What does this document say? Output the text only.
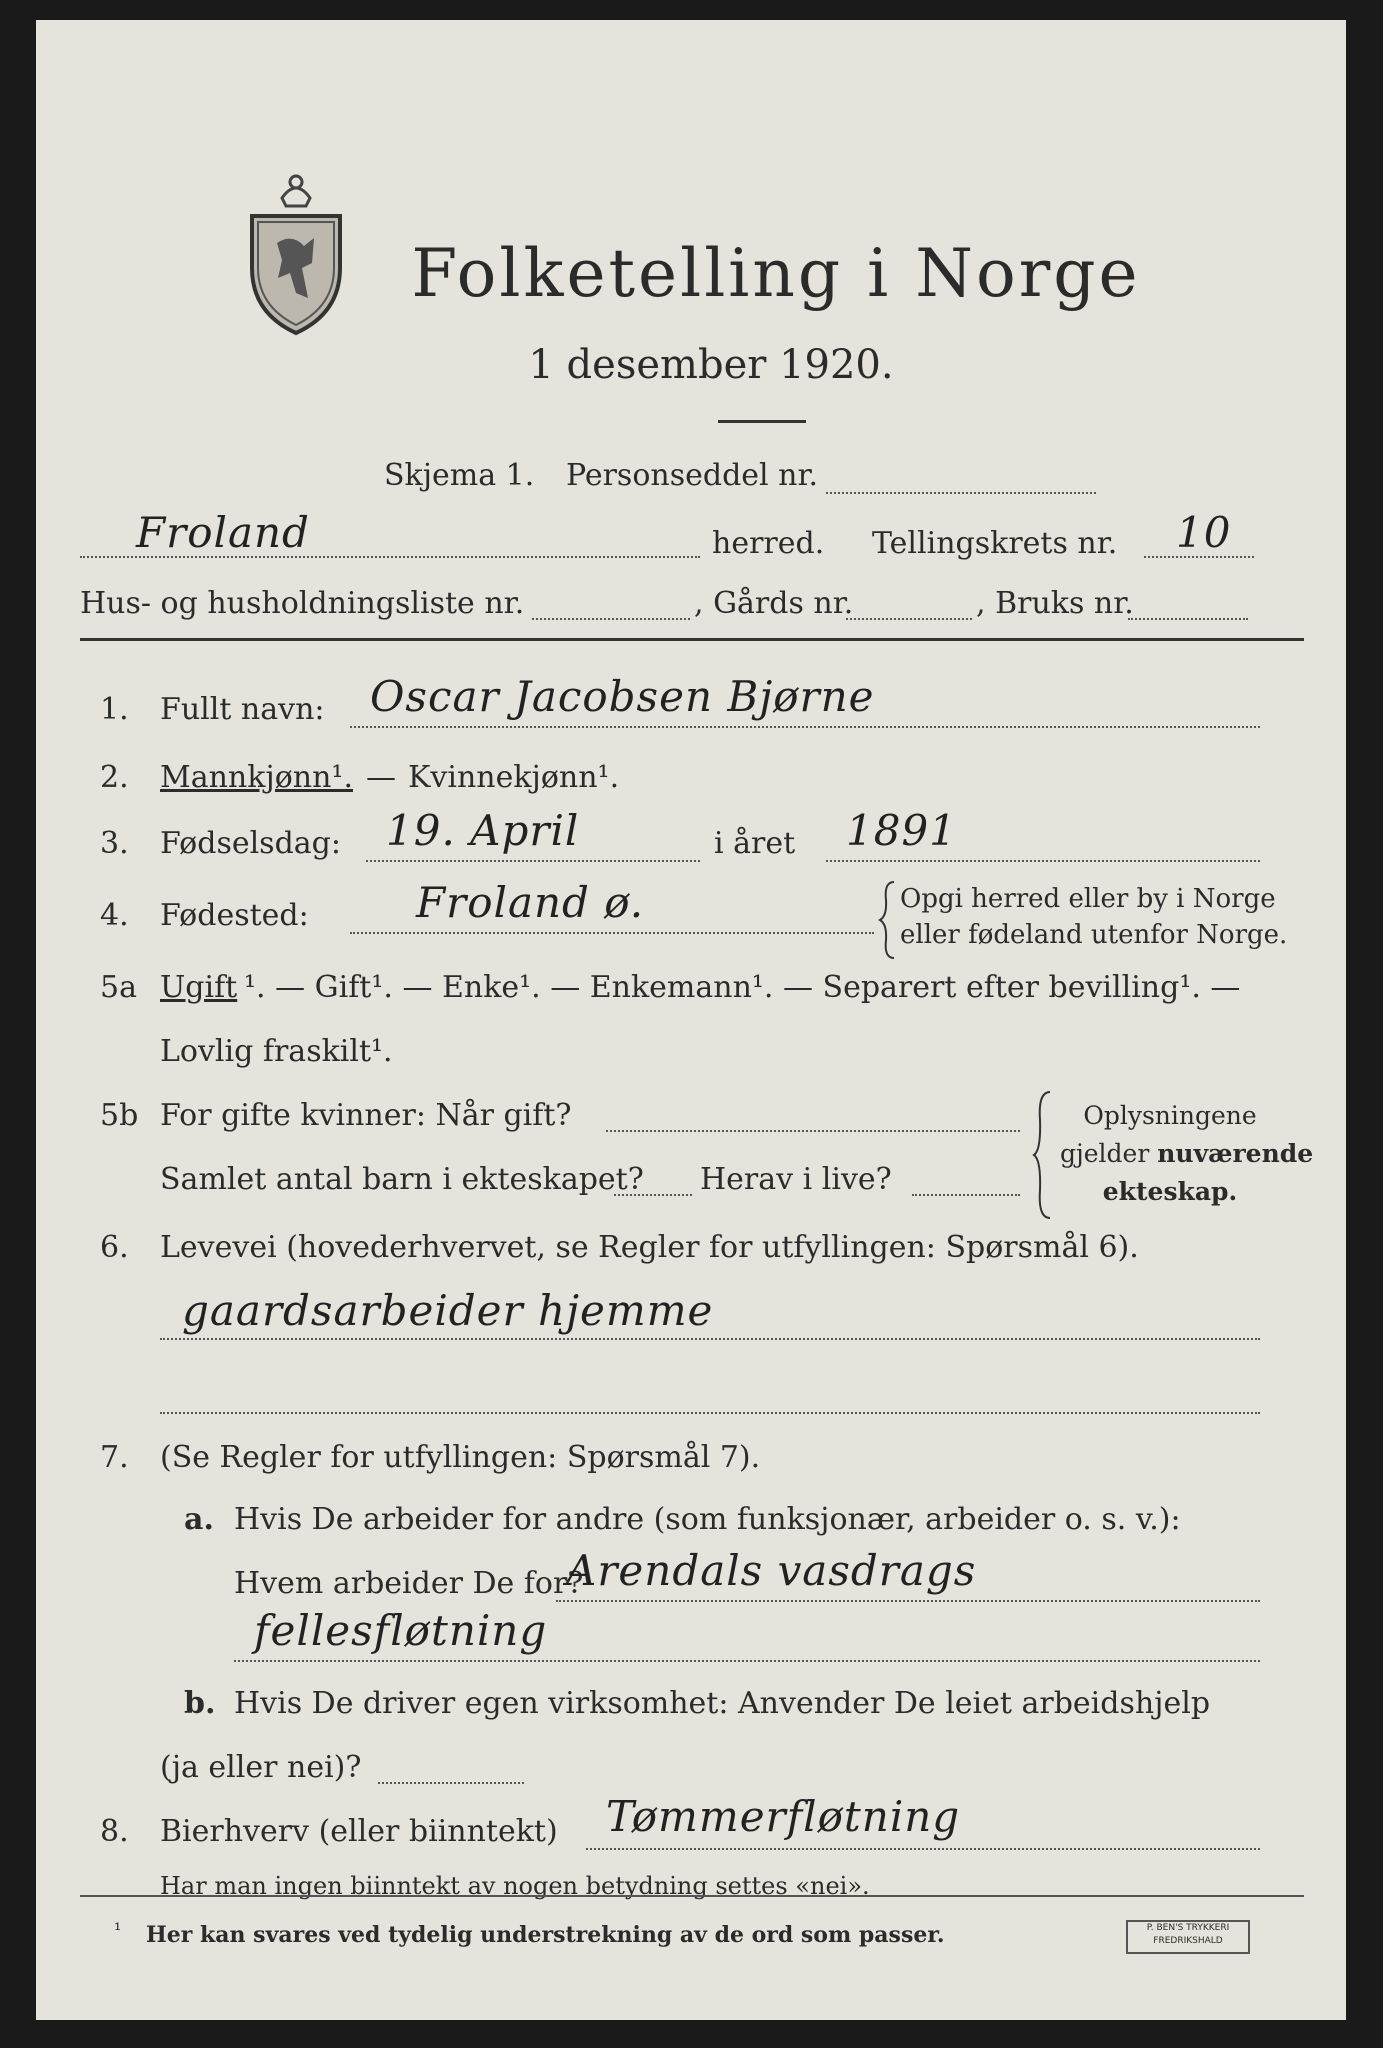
Folketelling i Norge
1 desember 1920.
Skjema 1. Personseddel nr.
Froland	herred. Tellingskrets nr. 10
Hus- og husholdningsliste nr.	, Gårds nr.	, Bruks nr.
1. Fullt navn: Oscar Jacobsen Bjørne
2. Mannkjønn¹. — Kvinnekjønn¹.
3. Fødselsdag: 19. April	i året 1891
4. Fødested:	Froland ø.	Opgi herred eller by i Norge
eller fødeland utenfor Norge.
5a Ugift ¹. — Gift¹. — Enke¹. — Enkemann¹. — Separert efter bevilling¹. —
Lovlig fraskilt¹.
5b For gifte kvinner: Når gift?
Samlet antal barn i ekteskapet? Herav i live?
Oplysningene
gjelder nuværende
ekteskap.
6. Levevei (hovederhvervet, se Regler for utfyllingen: Spørsmål 6).
gaardsarbeider hjemme
7. (Se Regler for utfyllingen: Spørsmål 7).
a. Hvis De arbeider for andre (som funksjonær, arbeider o. s. v.):
Hvem arbeider De for?
Arendals vasdrags
fellesfløtning
b. Hvis De driver egen virksomhet: Anvender De leiet arbeidshjelp
(ja eller nei)?
8. Bierhverv (eller biinntekt) Tømmerfløtning
Har man ingen biinntekt av nogen betydning settes «nei».
¹ Her kan svares ved tydelig understrekning av de ord som passer.	P. BEN'S TRYKKERI
FREDRIKSHALD
